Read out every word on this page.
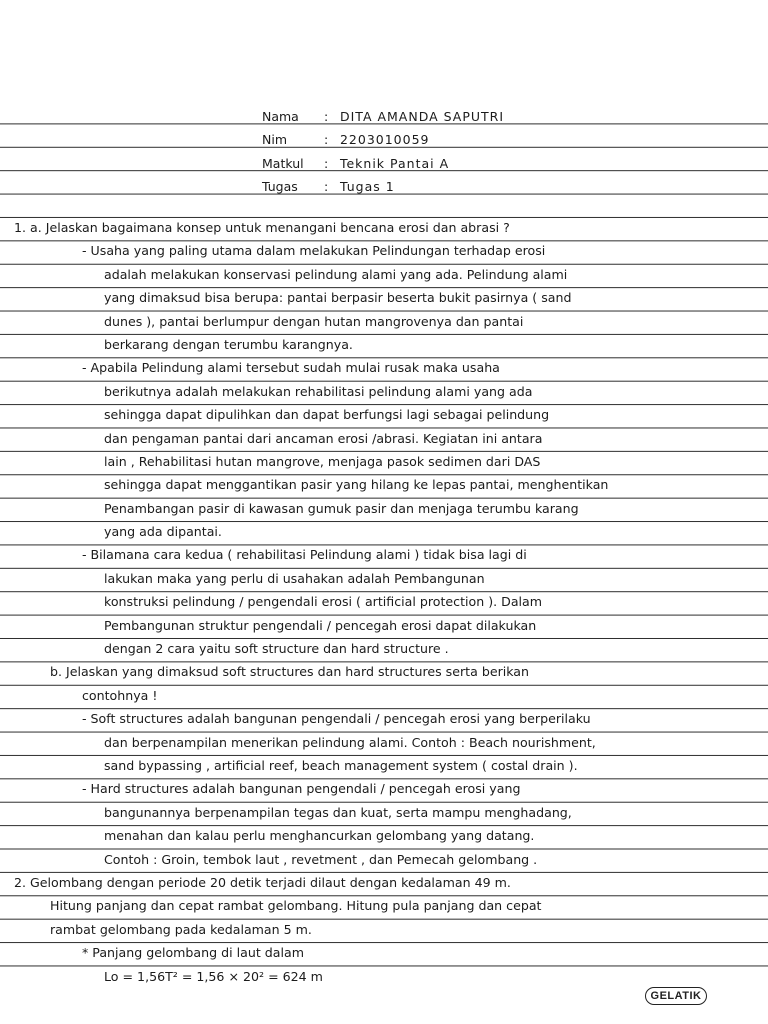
Nama : DITA AMANDA SAPUTRI
Nim	: 2203010059
Matkul : Teknik Pantai A
Tugas : Tugas 1
1. a. Jelaskan bagaimana konsep untuk menangani bencana erosi dan abrasi ?
- Usaha yang paling utama dalam melakukan Pelindungan terhadap erosi
adalah melakukan konservasi pelindung alami yang ada. Pelindung alami
yang dimaksud bisa berupa: pantai berpasir beserta bukit pasirnya ( sand
dunes ), pantai berlumpur dengan hutan mangrovenya dan pantai
berkarang dengan terumbu karangnya.
- Apabila Pelindung alami tersebut sudah mulai rusak maka usaha
berikutnya adalah melakukan rehabilitasi pelindung alami yang ada
sehingga dapat dipulihkan dan dapat berfungsi lagi sebagai pelindung
dan pengaman pantai dari ancaman erosi /abrasi. Kegiatan ini antara
lain , Rehabilitasi hutan mangrove, menjaga pasok sedimen dari DAS
sehingga dapat menggantikan pasir yang hilang ke lepas pantai, menghentikan
Penambangan pasir di kawasan gumuk pasir dan menjaga terumbu karang
yang ada dipantai.
- Bilamana cara kedua ( rehabilitasi Pelindung alami ) tidak bisa lagi di
lakukan maka yang perlu di usahakan adalah Pembangunan
konstruksi pelindung / pengendali erosi ( artificial protection ). Dalam
Pembangunan struktur pengendali / pencegah erosi dapat dilakukan
dengan 2 cara yaitu soft structure dan hard structure .
b. Jelaskan yang dimaksud soft structures dan hard structures serta berikan
contohnya !
- Soft structures adalah bangunan pengendali / pencegah erosi yang berperilaku
dan berpenampilan menerikan pelindung alami. Contoh : Beach nourishment,
sand bypassing , artificial reef, beach management system ( costal drain ).
- Hard structures adalah bangunan pengendali / pencegah erosi yang
bangunannya berpenampilan tegas dan kuat, serta mampu menghadang,
menahan dan kalau perlu menghancurkan gelombang yang datang.
Contoh : Groin, tembok laut , revetment , dan Pemecah gelombang .
2. Gelombang dengan periode 20 detik terjadi dilaut dengan kedalaman 49 m.
Hitung panjang dan cepat rambat gelombang. Hitung pula panjang dan cepat
rambat gelombang pada kedalaman 5 m.
* Panjang gelombang di laut dalam
Lo = 1,56T² = 1,56 × 20² = 624 m
GELATIK
